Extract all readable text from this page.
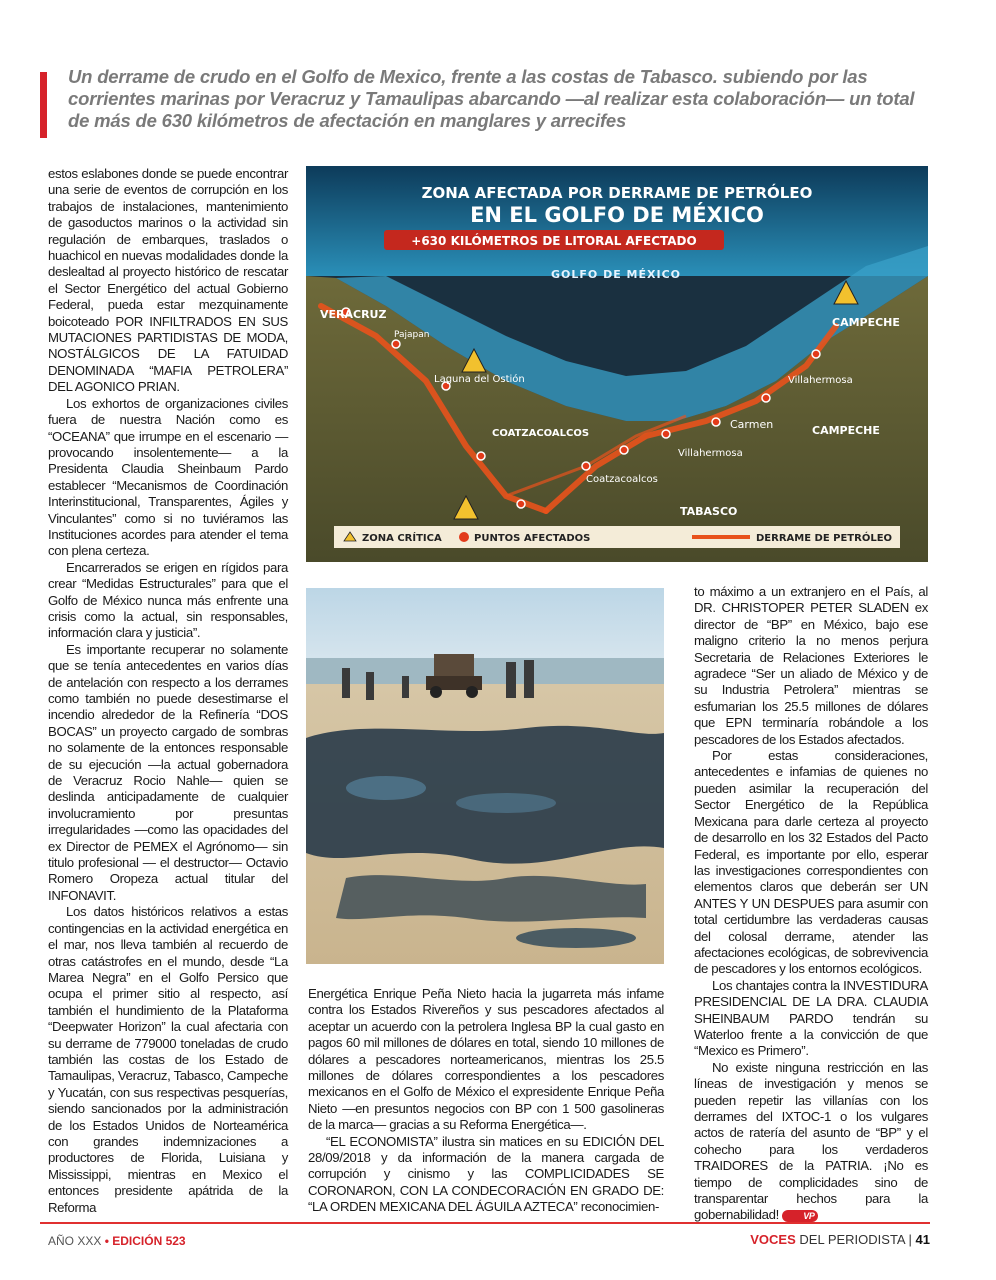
Un derrame de crudo en el Golfo de Mexico, frente a las costas de Tabasco. subiendo por las corrientes marinas por Veracruz y Tamaulipas abarcando —al realizar esta colaboración— un total de más de 630 kilómetros de afectación en manglares y arrecifes

estos eslabones donde se puede encontrar una serie de eventos de corrupción en los trabajos de instalaciones, mantenimiento de gasoductos marinos o la actividad sin regulación de embarques, traslados o huachicol en nuevas modalidades donde la deslealtad al proyecto histórico de rescatar el Sector Energético del actual Gobierno Federal, pueda estar mezquinamente boicoteado POR INFILTRADOS EN SUS MUTACIONES PARTIDISTAS DE MODA, NOSTÁLGICOS DE LA FATUIDAD DENOMINADA “MAFIA PETROLERA” DEL AGONICO PRIAN.

Los exhortos de organizaciones civiles fuera de nuestra Nación como es “OCEANA” que irrumpe en el escenario —provocando insolentemente— a la Presidenta Claudia Sheinbaum Pardo establecer “Mecanismos de Coordinación Interinstitucional, Transparentes, Ágiles y Vinculantes” como si no tuviéramos las Instituciones acordes para atender el tema con plena certeza.

Encarrerados se erigen en rígidos para crear “Medidas Estructurales” para que el Golfo de México nunca más enfrente una crisis como la actual, sin responsables, información clara y justicia”.

Es importante recuperar no solamente que se tenía antecedentes en varios días de antelación con respecto a los derrames como también no puede desestimarse el incendio alrededor de la Refinería “DOS BOCAS” un proyecto cargado de sombras no solamente de la entonces responsable de su ejecución —la actual gobernadora de Veracruz Rocio Nahle— quien se deslinda anticipadamente de cualquier involucramiento por presuntas irregularidades —como las opacidades del ex Director de PEMEX el Agrónomo— sin titulo profesional — el destructor— Octavio Romero Oropeza actual titular del INFONAVIT.

Los datos históricos relativos a estas contingencias en la actividad energética en el mar, nos lleva también al recuerdo de otras catástrofes en el mundo, desde “La Marea Negra” en el Golfo Persico que ocupa el primer sitio al respecto, así también el hundimiento de la Plataforma “Deepwater Horizon” la cual afectaria con su derrame de 779000 toneladas de crudo también las costas de los Estado de Tamaulipas, Veracruz, Tabasco, Campeche y Yucatán, con sus respectivas pesquerías, siendo sancionados por la administración de los Estados Unidos de Norteamérica con grandes indemnizaciones a productores de Florida, Luisiana y Mississippi, mientras en Mexico el entonces presidente apátrida de la Reforma

ZONA AFECTADA POR DERRAME DE PETRÓLEO
EN EL GOLFO DE MÉXICO
+630 KILÓMETROS DE LITORAL AFECTADO
GOLFO DE MÉXICO
VERACRUZ
Pajapan
Laguna del Ostión
COATZACOALCOS
Coatzacoalcos
Villahermosa
Villahermosa
Carmen
CAMPECHE
CAMPECHE
TABASCO
ZONA CRÍTICA	PUNTOS AFECTADOS	DERRAME DE PETRÓLEO

Energética Enrique Peña Nieto hacia la jugarreta más infame contra los Estados Rivereños y sus pescadores afectados al aceptar un acuerdo con la petrolera Inglesa BP la cual gasto en pagos 60 mil millones de dólares en total, siendo 10 millones de dólares a pescadores norteamericanos, mientras los 25.5 millones de dólares correspondientes a los pescadores mexicanos en el Golfo de México el expresidente Enrique Peña Nieto —en presuntos negocios con BP con 1 500 gasolineras de la marca— gracias a su Reforma Energética—.

“EL ECONOMISTA” ilustra sin matices en su EDICIÓN DEL 28/09/2018 y da información de la manera cargada de corrupción y cinismo y las COMPLICIDADES SE CORONARON, CON LA CONDECORACIÓN EN GRADO DE: “LA ORDEN MEXICANA DEL ÁGUILA AZTECA” reconocimien-

to máximo a un extranjero en el País, al DR. CHRISTOPER PETER SLADEN ex director de “BP” en México, bajo ese maligno criterio la no menos perjura Secretaria de Relaciones Exteriores le agradece “Ser un aliado de México y de su Industria Petrolera” mientras se esfumarian los 25.5 millones de dólares que EPN terminaría robándole a los pescadores de los Estados afectados.

Por estas consideraciones, antecedentes e infamias de quienes no pueden asimilar la recuperación del Sector Energético de la República Mexicana para darle certeza al proyecto de desarrollo en los 32 Estados del Pacto Federal, es importante por ello, esperar las investigaciones correspondientes con elementos claros que deberán ser UN ANTES Y UN DESPUES para asumir con total certidumbre las verdaderas causas del colosal derrame, atender las afectaciones ecológicas, de sobrevivencia de pescadores y los entornos ecológicos.

Los chantajes contra la INVESTIDURA PRESIDENCIAL DE LA DRA. CLAUDIA SHEINBAUM PARDO tendrán su Waterloo frente a la convicción de que “Mexico es Primero”.

No existe ninguna restricción en las líneas de investigación y menos se pueden repetir las villanías con los derrames del IXTOC-1 o los vulgares actos de ratería del asunto de “BP” y el cohecho para los verdaderos TRAIDORES de la PATRIA. ¡No es tiempo de complicidades sino de transparentar hechos para la gobernabilidad!	VP

AÑO XXX • EDICIÓN 523	VOCES DEL PERIODISTA | 41
